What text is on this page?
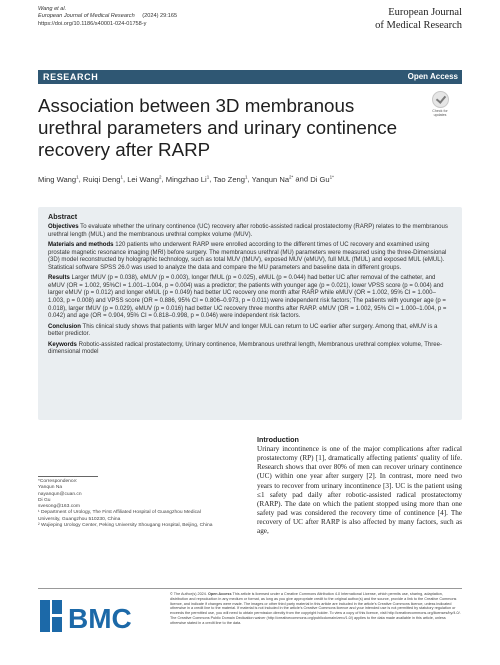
Wang et al.
European Journal of Medical Research (2024) 29:165
https://doi.org/10.1186/s40001-024-01758-y
European Journal
of Medical Research
RESEARCH	Open Access
Association between 3D membranous urethral parameters and urinary continence recovery after RARP
Check for
updates
Ming Wang$^1$, Ruiqi Deng$^1$, Lei Wang$^2$, Mingzhao Li$^1$, Tao Zeng$^1$, Yanqun $Na^{2*}$ and Di $Gu^{1*}$
Abstract

Objectives To evaluate whether the urinary continence (UC) recovery after robotic-assisted radical prostatectomy (RARP) relates to the membranous urethral length (MUL) and the membranous urethral complex volume (MUV).

Materials and methods 120 patients who underwent RARP were enrolled according to the different times of UC recovery and examined using prostate magnetic resonance imaging (MRI) before surgery. The membranous urethral (MU) parameters were measured using the three-Dimensional (3D) model reconstructed by holographic technology, such as total MUV (tMUV), exposed MUV (eMUV), full MUL (fMUL) and exposed MUL (eMUL). Statistical software SPSS 26.0 was used to analyze the data and compare the MU parameters and baseline data in different groups.

Results Larger tMUV (p = 0.038), eMUV (p = 0.003), longer fMUL (p = 0.025), eMUL (p = 0.044) had better UC after removal of the catheter, and eMUV (OR = 1.002, 95%CI = 1.001–1.004, p = 0.004) was a predictor; the patients with younger age (p = 0.021), lower VPSS score (p = 0.004) and larger eMUV (p = 0.012) and longer eMUL (p = 0.049) had better UC recovery one month after RARP while eMUV (OR = 1.002, 95% CI = 1.000–1.003, p = 0.008) and VPSS score (OR = 0.886, 95% CI = 0.806–0.973, p = 0.011) were independent risk factors; The patients with younger age (p = 0.018), larger tMUV (p = 0.029), eMUV (p = 0.016) had better UC recovery three months after RARP. eMUV (OR = 1.002, 95% CI = 1.000–1.004, p = 0.042) and age (OR = 0.904, 95% CI = 0.818–0.998, p = 0.046) were independent risk factors.

Conclusion This clinical study shows that patients with larger MUV and longer MUL can return to UC earlier after surgery. Among that, eMUV is a better predictor.

Keywords Robotic-assisted radical prostatectomy, Urinary continence, Membranous urethral length, Membranous urethral complex volume, Three-dimensional model

Introduction
Urinary incontinence is one of the major complications after radical prostatectomy (RP) [1], dramatically affecting patients' quality of life. Research shows that over 80% of men can recover urinary continence (UC) within one year after surgery [2]. In contrast, more need two years to recover from urinary incontinence [3]. UC is the patient using ≤1 safety pad daily after robotic-assisted radical prostatectomy (RARP). The date on which the patient stopped using more than one safety pad was considered the recovery time of continence [4]. The recovery of UC after RARP is also affected by many factors, such as age,
*Correspondence:
Yanqun Na
nayanqun@cuan.cn
Di Gu
svesong@163.com
¹ Department of Urology, The First Affiliated Hospital of Guangzhou Medical University, Guangzhou 510230, China
² Wujieping Urology Center, Peking University Shougang Hospital, Beijing, China
BMC
© The Author(s) 2024. Open Access This article is licensed under a Creative Commons Attribution 4.0 International License, which permits use, sharing, adaptation, distribution and reproduction in any medium or format, as long as you give appropriate credit to the original author(s) and the source, provide a link to the Creative Commons licence, and indicate if changes were made. The images or other third party material in this article are included in the article's Creative Commons licence, unless indicated otherwise in a credit line to the material. If material is not included in the article's Creative Commons licence and your intended use is not permitted by statutory regulation or exceeds the permitted use, you will need to obtain permission directly from the copyright holder. To view a copy of this licence, visit http://creativecommons.org/licenses/by/4.0/. The Creative Commons Public Domain Dedication waiver (http://creativecommons.org/publicdomain/zero/1.0/) applies to the data made available in this article, unless otherwise stated in a credit line to the data.
